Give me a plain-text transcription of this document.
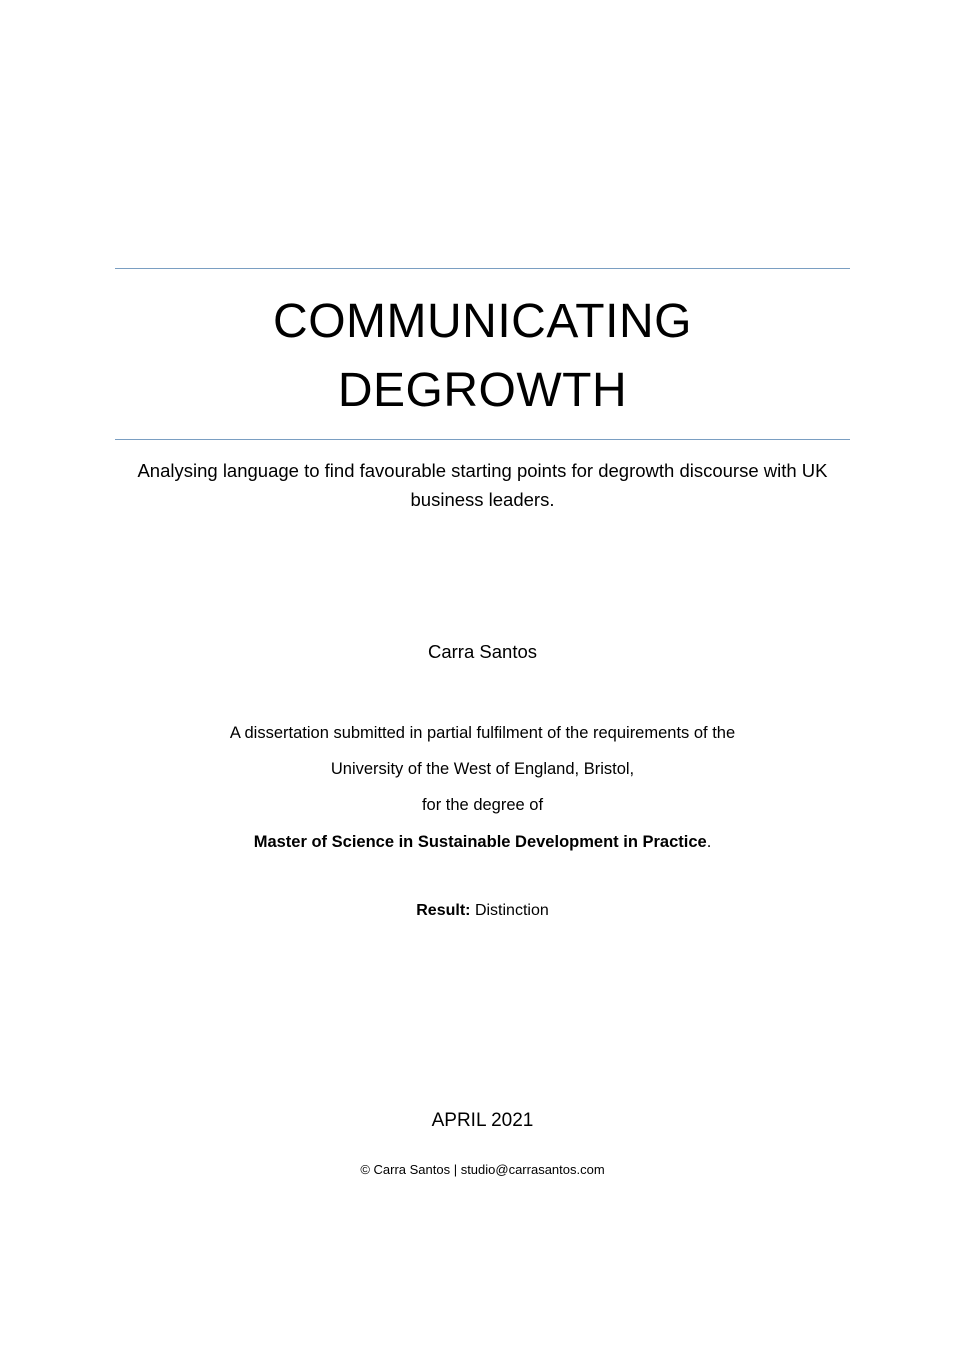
COMMUNICATING
DEGROWTH
Analysing language to find favourable starting points for degrowth discourse with UK business leaders.
Carra Santos
A dissertation submitted in partial fulfilment of the requirements of the
University of the West of England, Bristol,
for the degree of
Master of Science in Sustainable Development in Practice.
Result: Distinction
APRIL 2021
© Carra Santos | studio@carrasantos.com
